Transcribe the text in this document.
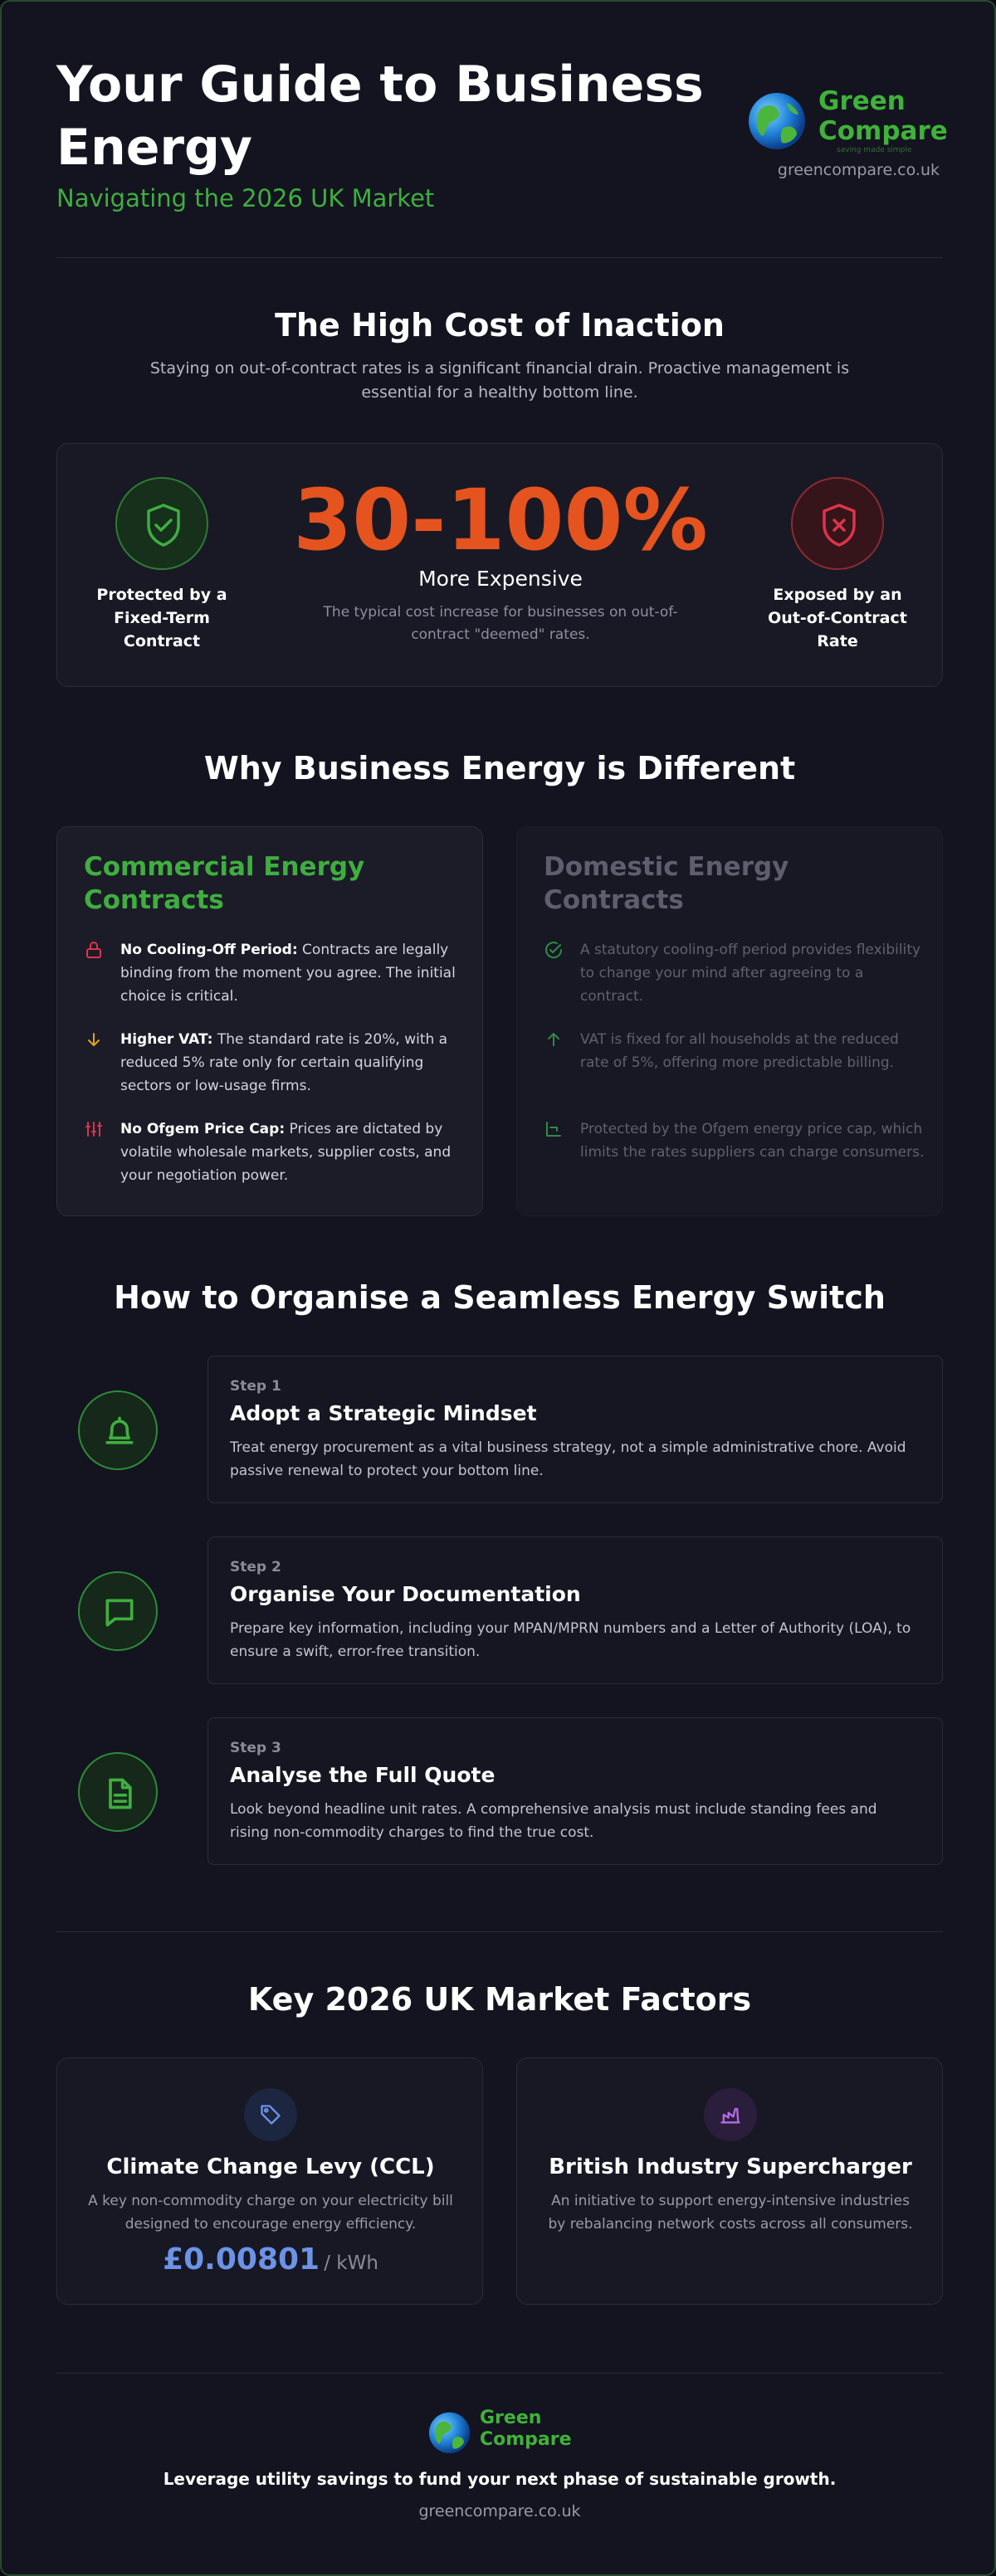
Your Guide to Business Energy
Navigating the 2026 UK Market
Green
Compare
saving made simple
greencompare.co.uk
The High Cost of Inaction
Staying on out-of-contract rates is a significant financial drain. Proactive management is essential for a healthy bottom line.
Protected by a Fixed-Term Contract
30-100%
More Expensive
The typical cost increase for businesses on out-of-contract "deemed" rates.
Exposed by an Out-of-Contract Rate
Why Business Energy is Different
Commercial Energy Contracts
No Cooling-Off Period: Contracts are legally binding from the moment you agree. The initial choice is critical.
Higher VAT: The standard rate is 20%, with a reduced 5% rate only for certain qualifying sectors or low-usage firms.
No Ofgem Price Cap: Prices are dictated by volatile wholesale markets, supplier costs, and your negotiation power.
Domestic Energy Contracts
A statutory cooling-off period provides flexibility to change your mind after agreeing to a contract.
VAT is fixed for all households at the reduced rate of 5%, offering more predictable billing.
Protected by the Ofgem energy price cap, which limits the rates suppliers can charge consumers.
How to Organise a Seamless Energy Switch
Step 1
Adopt a Strategic Mindset
Treat energy procurement as a vital business strategy, not a simple administrative chore. Avoid passive renewal to protect your bottom line.
Step 2
Organise Your Documentation
Prepare key information, including your MPAN/MPRN numbers and a Letter of Authority (LOA), to ensure a swift, error-free transition.
Step 3
Analyse the Full Quote
Look beyond headline unit rates. A comprehensive analysis must include standing fees and rising non-commodity charges to find the true cost.
Key 2026 UK Market Factors
Climate Change Levy (CCL)
A key non-commodity charge on your electricity bill designed to encourage energy efficiency.
£0.00801 / kWh
British Industry Supercharger
An initiative to support energy-intensive industries by rebalancing network costs across all consumers.
Green
Compare
Leverage utility savings to fund your next phase of sustainable growth.
greencompare.co.uk
